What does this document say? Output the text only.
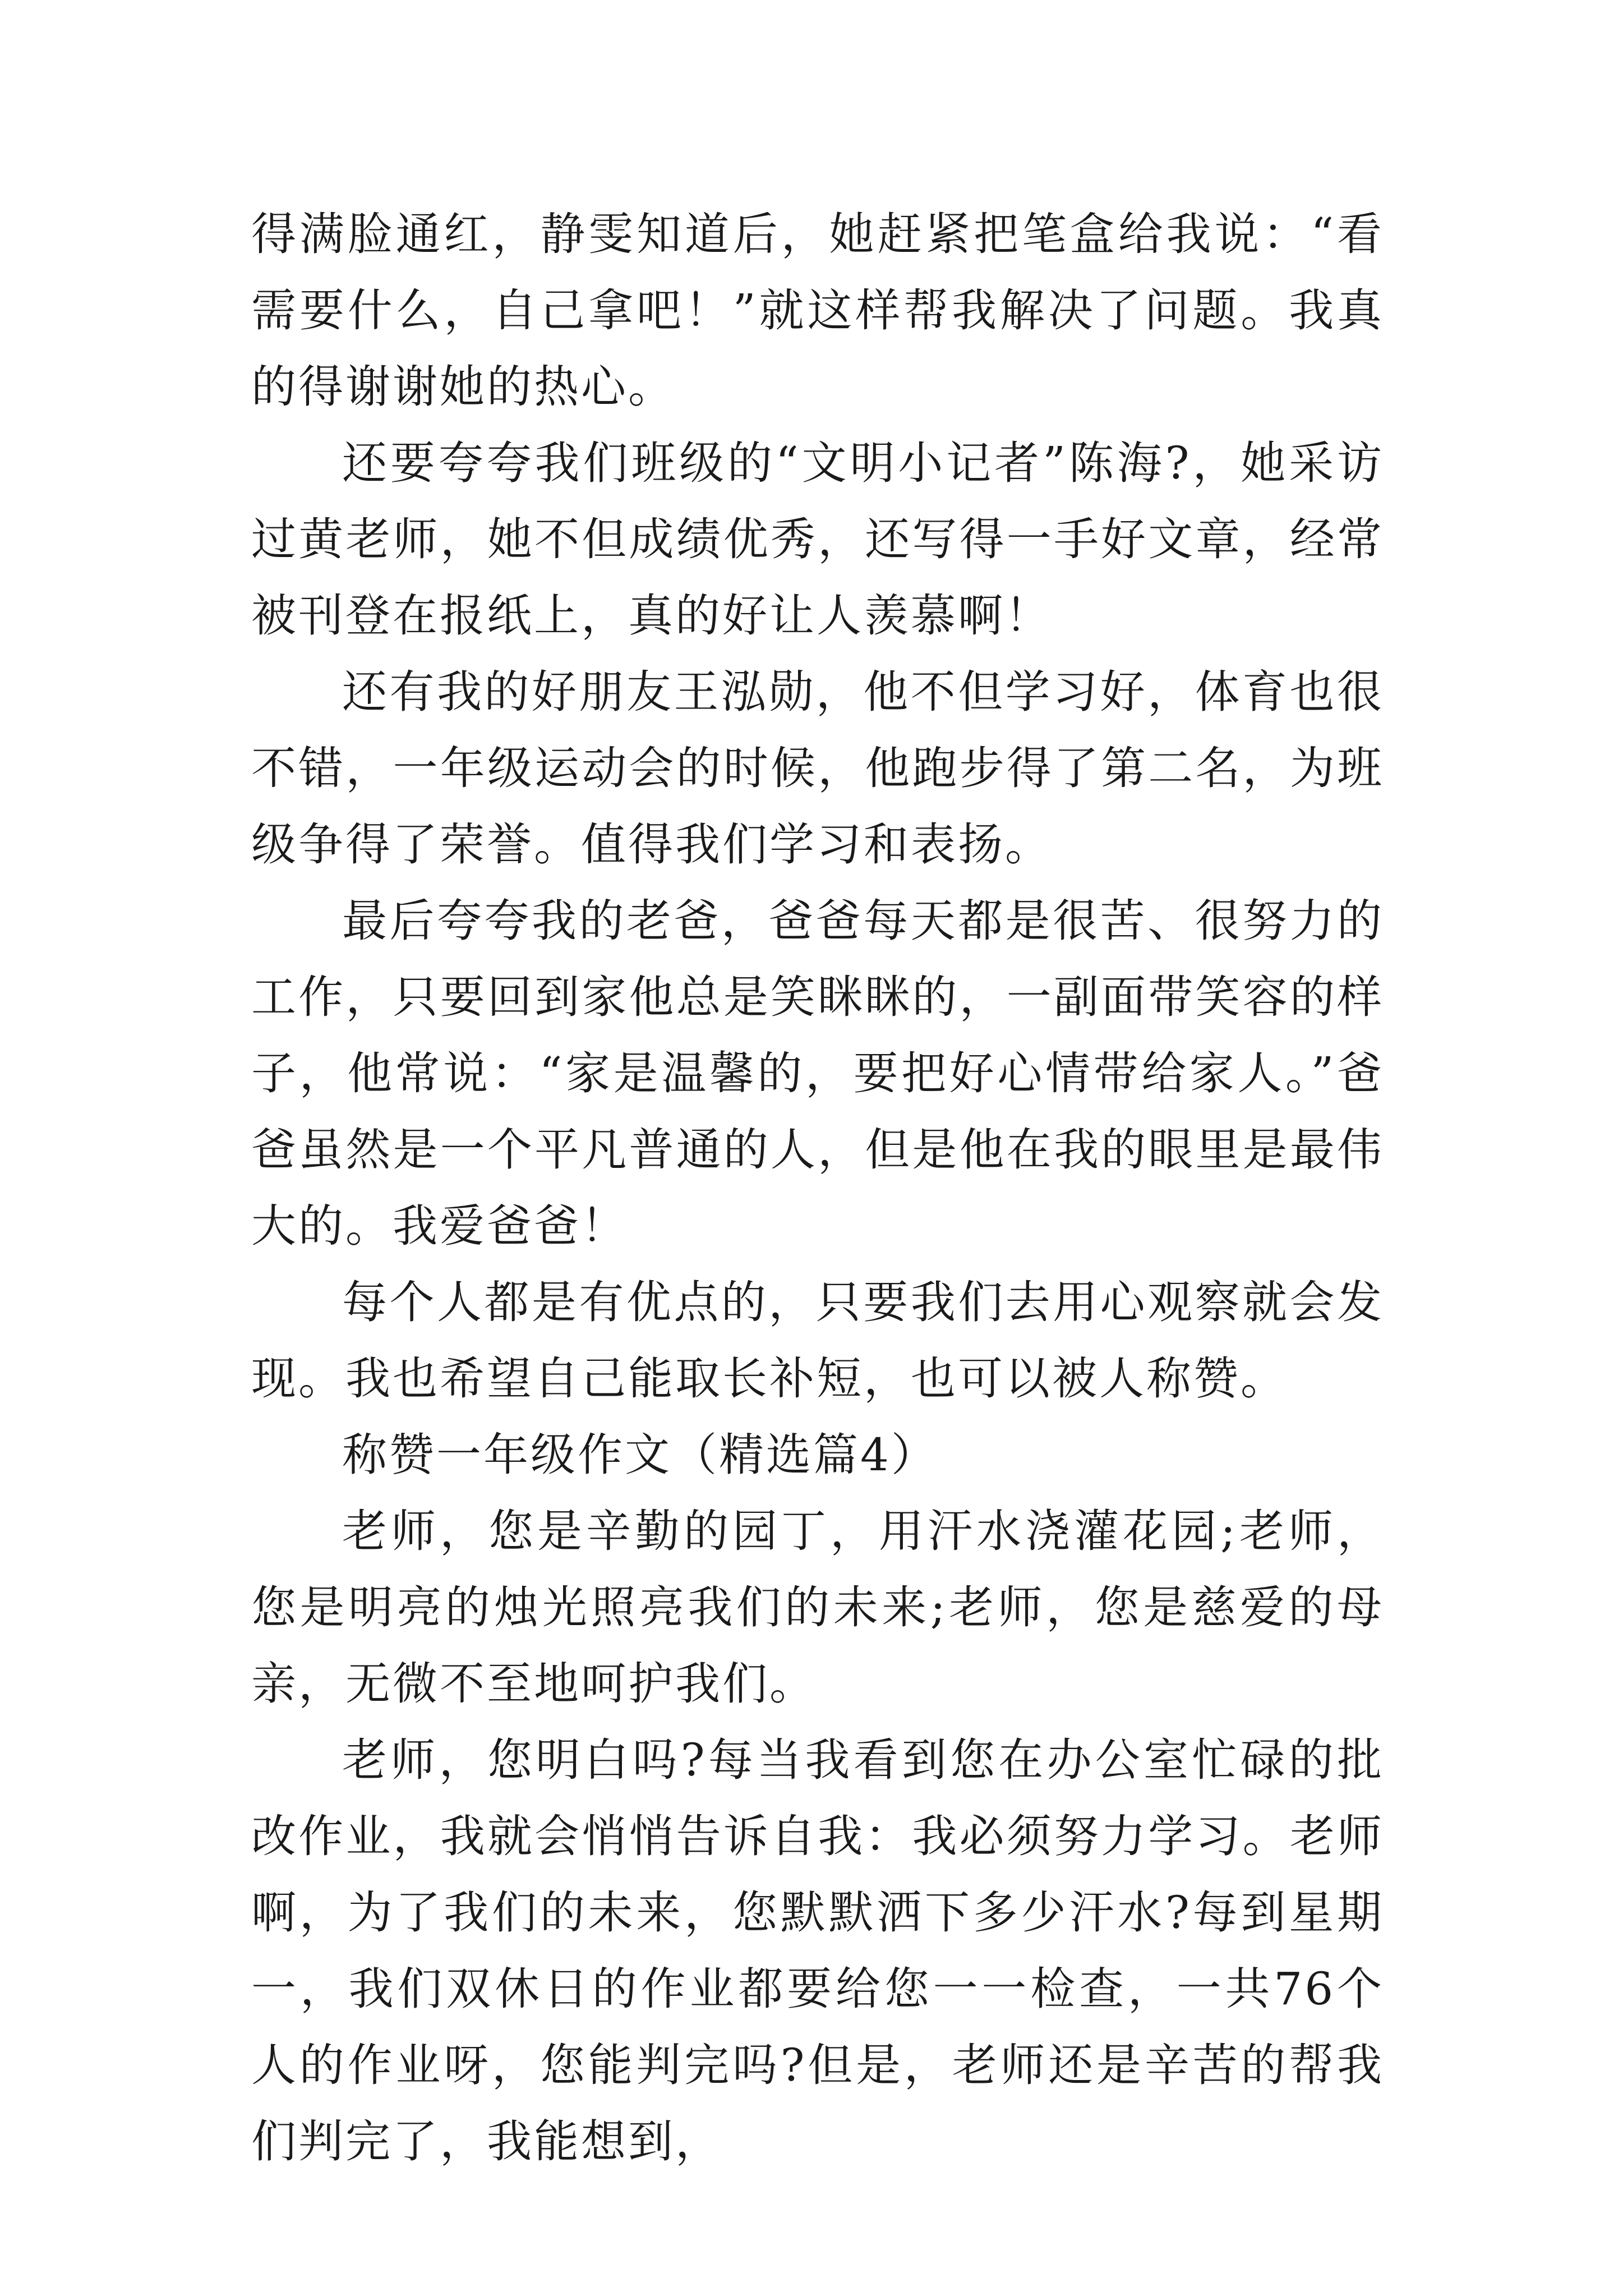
得满脸通红，静雯知道后，她赶紧把笔盒给我说：“看需要什么，自己拿吧！”就这样帮我解决了问题。我真的得谢谢她的热心。

还要夸夸我们班级的“文明小记者”陈海?，她采访过黄老师，她不但成绩优秀，还写得一手好文章，经常被刊登在报纸上，真的好让人羡慕啊！

还有我的好朋友王泓勋，他不但学习好，体育也很不错，一年级运动会的时候，他跑步得了第二名，为班级争得了荣誉。值得我们学习和表扬。

最后夸夸我的老爸，爸爸每天都是很苦、很努力的工作，只要回到家他总是笑眯眯的，一副面带笑容的样子，他常说：“家是温馨的，要把好心情带给家人。”爸爸虽然是一个平凡普通的人，但是他在我的眼里是最伟大的。我爱爸爸！

每个人都是有优点的，只要我们去用心观察就会发现。我也希望自己能取长补短，也可以被人称赞。

称赞一年级作文（精选篇4）

老师，您是辛勤的园丁，用汗水浇灌花园;老师，您是明亮的烛光照亮我们的未来;老师，您是慈爱的母亲，无微不至地呵护我们。

老师，您明白吗?每当我看到您在办公室忙碌的批改作业，我就会悄悄告诉自我：我必须努力学习。老师啊，为了我们的未来，您默默洒下多少汗水?每到星期一，我们双休日的作业都要给您一一检查，一共76个人的作业呀，您能判完吗?但是，老师还是辛苦的帮我们判完了，我能想到，
